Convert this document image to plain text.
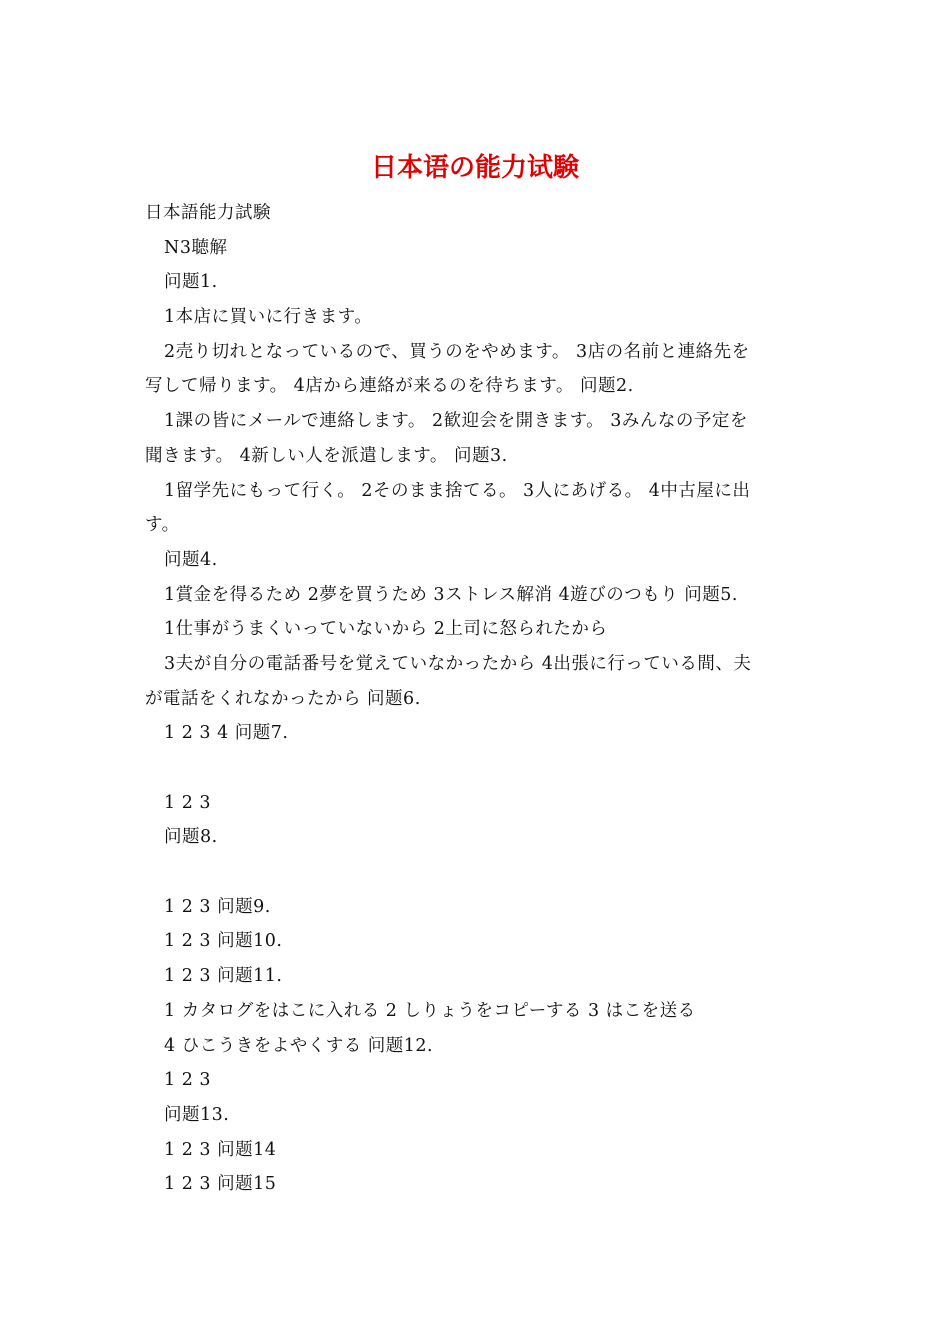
日本语の能力试験
日本語能力試験
N3聴解
问题1.
1本店に買いに行きます。
2売り切れとなっているので、買うのをやめます。 3店の名前と連絡先を
写して帰ります。 4店から連絡が来るのを待ちます。 问题2.
1課の皆にメールで連絡します。 2歓迎会を開きます。 3みんなの予定を
聞きます。 4新しい人を派遣します。 问题3.
1留学先にもって行く。 2そのまま捨てる。 3人にあげる。 4中古屋に出
す。
问题4.
1賞金を得るため 2夢を買うため 3ストレス解消 4遊びのつもり 问题5.
1仕事がうまくいっていないから 2上司に怒られたから
3夫が自分の電話番号を覚えていなかったから 4出張に行っている間、夫
が電話をくれなかったから 问题6.
1 2 3 4 问题7.
1 2 3
问题8.
1 2 3 问题9.
1 2 3 问题10.
1 2 3 问题11.
1 カタログをはこに入れる 2 しりょうをコピーする 3 はこを送る
4 ひこうきをよやくする 问题12.
1 2 3
问题13.
1 2 3 问题14
1 2 3 问题15
